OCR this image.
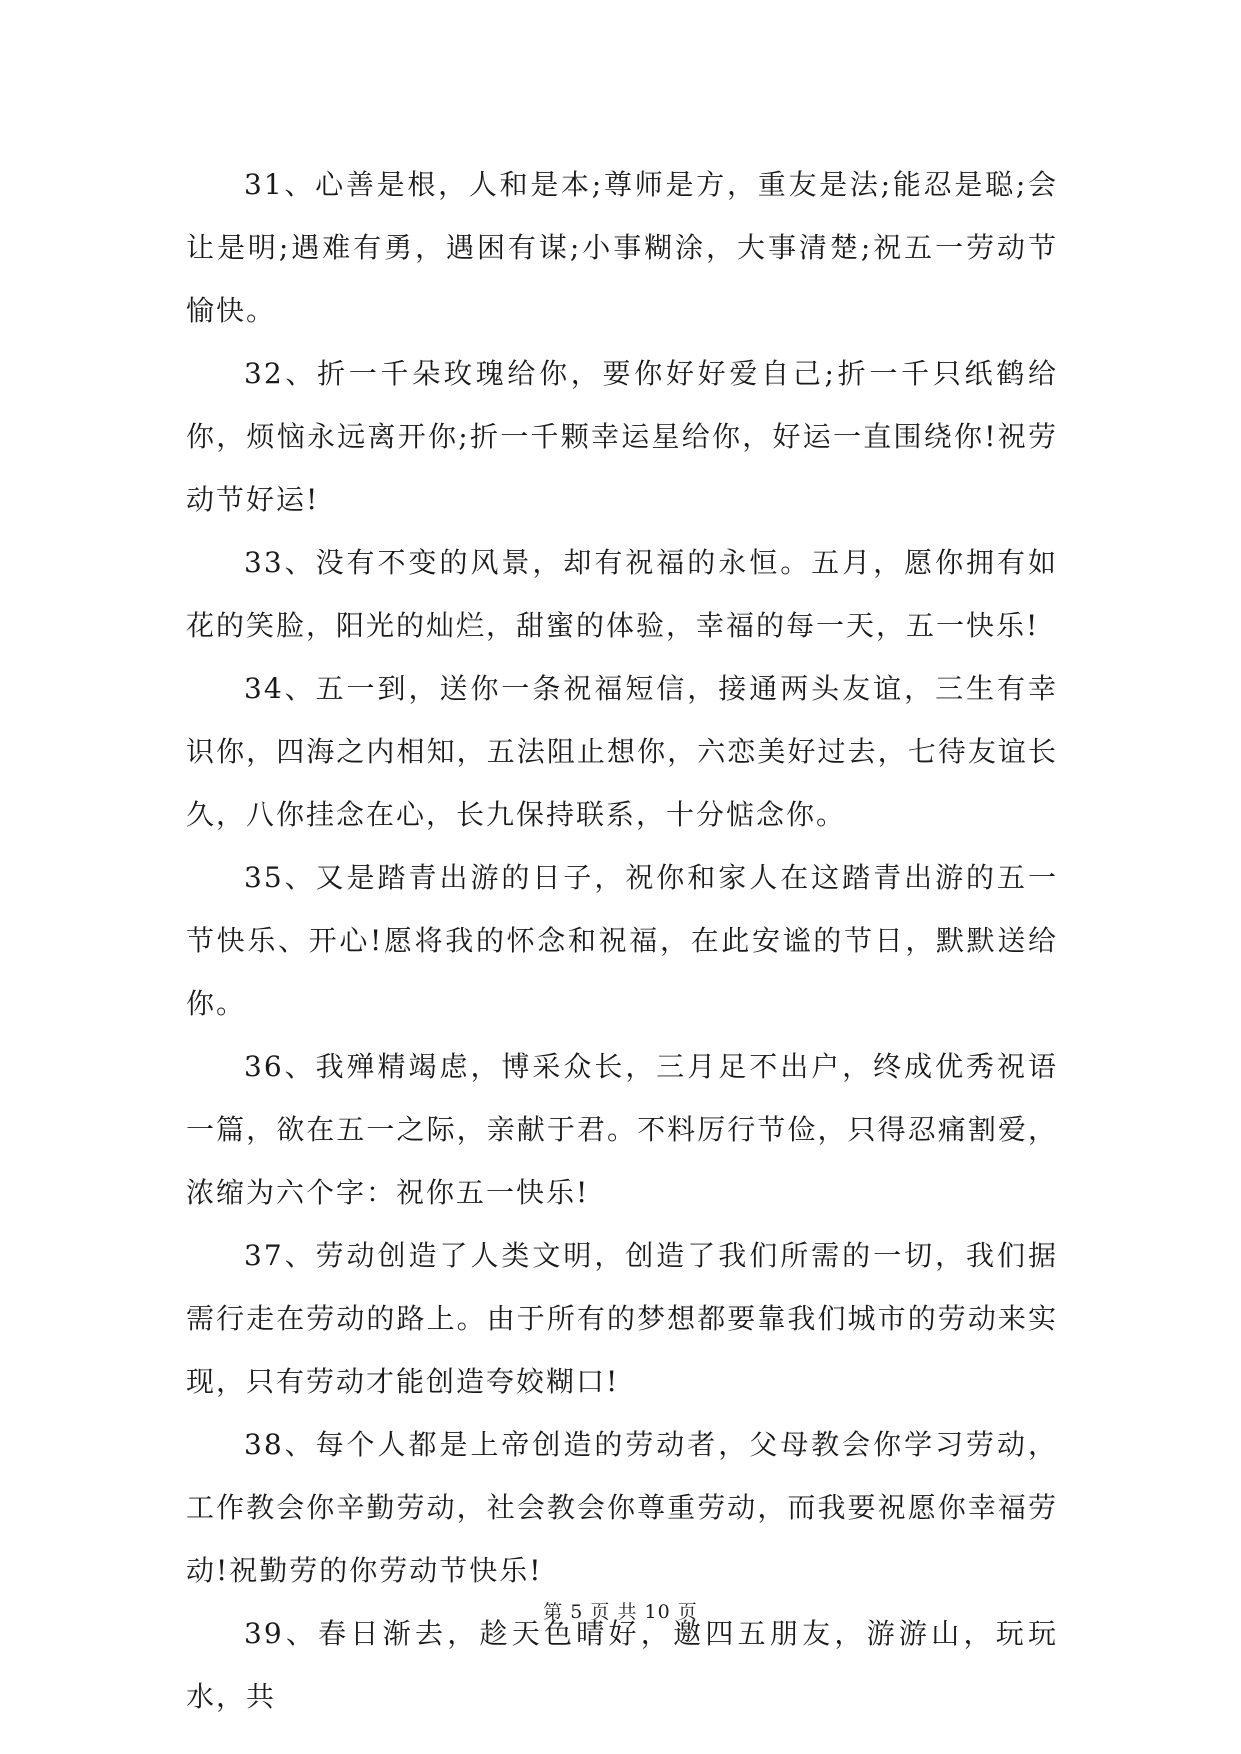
31、心善是根，人和是本;尊师是方，重友是法;能忍是聪;会让是明;遇难有勇，遇困有谋;小事糊涂，大事清楚;祝五一劳动节愉快。

32、折一千朵玫瑰给你，要你好好爱自己;折一千只纸鹤给你，烦恼永远离开你;折一千颗幸运星给你，好运一直围绕你!祝劳动节好运!

33、没有不变的风景，却有祝福的永恒。五月，愿你拥有如花的笑脸，阳光的灿烂，甜蜜的体验，幸福的每一天，五一快乐!

34、五一到，送你一条祝福短信，接通两头友谊，三生有幸识你，四海之内相知，五法阻止想你，六恋美好过去，七待友谊长久，八你挂念在心，长九保持联系，十分惦念你。

35、又是踏青出游的日子，祝你和家人在这踏青出游的五一节快乐、开心!愿将我的怀念和祝福，在此安谧的节日，默默送给你。

36、我殚精竭虑，博采众长，三月足不出户，终成优秀祝语一篇，欲在五一之际，亲献于君。不料厉行节俭，只得忍痛割爱，浓缩为六个字：祝你五一快乐!

37、劳动创造了人类文明，创造了我们所需的一切，我们据需行走在劳动的路上。由于所有的梦想都要靠我们城市的劳动来实现，只有劳动才能创造夸姣糊口!

38、每个人都是上帝创造的劳动者，父母教会你学习劳动，工作教会你辛勤劳动，社会教会你尊重劳动，而我要祝愿你幸福劳动!祝勤劳的你劳动节快乐!

39、春日渐去，趁天色晴好，邀四五朋友，游游山，玩玩水，共

第 5 页 共 10 页
